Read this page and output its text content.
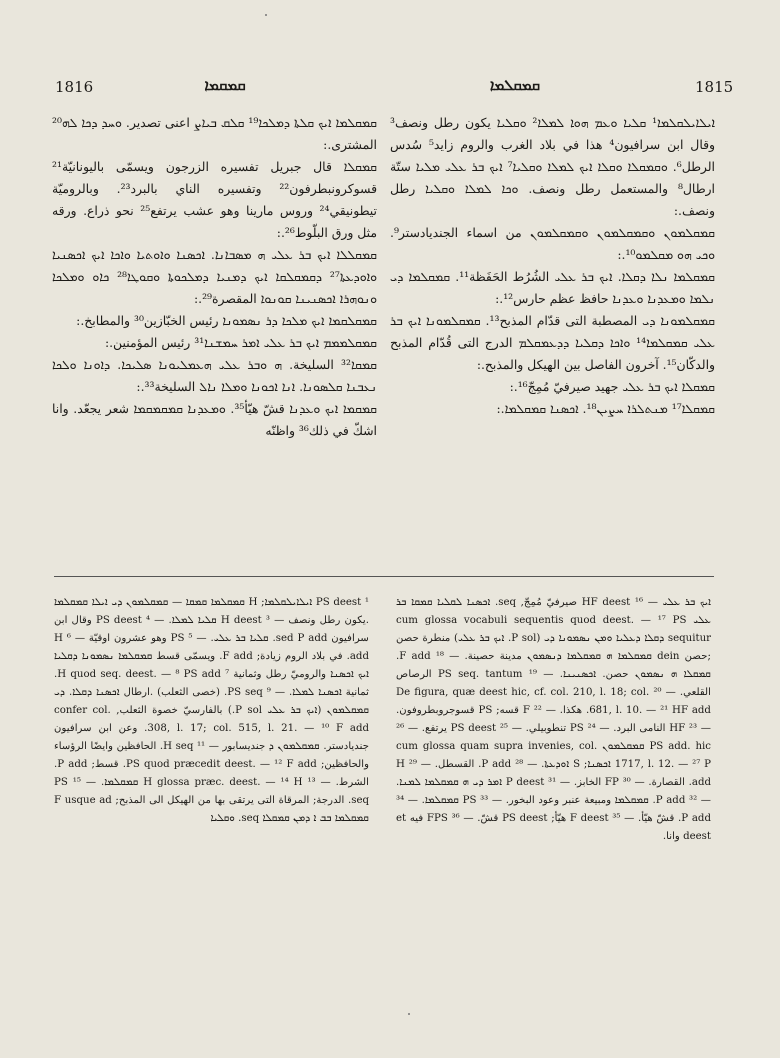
1816	ܩܡܩܡܐ	ܩܡܩܠܡܐ	1815

ܩܡܩܠܡܐ ܐܝܟ ܩܠܬܐ ܕܡܠܟܐ¹⁹ ܩܠܩ ܒܝܐܨ اعنی تصدیر. ܘܚܕ ܕܟܐ ܠܗ²⁰ المشتری.:

ܩܡܩܠܐ قال جبريل تفسيره الزرجون ويسمّى باليونانيّة²¹ قسوكرونبطرفون²² وتفسيره الناي بالبرد²³. وبالروميّة تيطونيقي²⁴ وروس مارينا وهو عشب يرتفع²⁵ نحو ذراع. ورقه مثل ورق البلّوط²⁶.:

ܩܡܩܠܠܐ ܐܝܟ ܒܪ ܥܠܝ ܗ ܡܣܒܐܢܐ. ܐܟܣܢܐ ܘܐܘܬܝܐ ܘܐܟܐ ܐܝܟ ܐܟܣܢܝܐ ܘܐܘܕܥܬܐ²⁷ ܕܩܡܩܠܩܐ ܐܝܟ ܕܡܢܝܐ ܕܡܠܟܘܬܐ ܘܩܘܛܐ²⁸ ܟܐܘ ܘܡܠܟܐ ܘܢܘܗܪܐ ܐܟܣܢܝܢܐ ܩܘܢܘܐ المقصرة²⁹.:

ܩܡܩܠܩܡܐ ܐܝܟ ܡܠܟܐ ܕܪ ܢܣܡܘܢܐ رئيس الخبّازين³⁰ والمطابخ.:

ܩܡܩܠܡܡܡ ܐܝܟ ܒܪ ܥܠܝ ܐܡܪ ܚܡܫܢܐ³¹ رئيس المؤمنين.:

ܩܡܩܐ³² السليخة. ܗ ܘܒܪ ܥܠܝ ܗܥܡܠܝܘܢܐ ܣܠܝܟܐ. ܕܐܘܢܐ ܘܠܟܐ ܢܥܒܢܐ ܩܠܣܘܢܐ. ܐܢܐ ܐܟܘܢܐ ܘܡܠܐ ܢܐܠ السليخة³³.:

ܩܡܩܡܐ ܐܝܟ ܘܥܕܢܐ قشّ هيّأ³⁵. ܘܡܥܕܢܐ ܩܡܩܡܩܡܐ شعر يجعّد. وانا اشكّ في ذلك³⁶ واظنّه

ܐܝܠܐܝܠܩܠܡܐ¹ ܩܠܝܐ ܘܥܡ ܗܘܐ ܠܡܠܐ² ܘܩܠܝܐ يكون رطل ونصف³ وقال ابن سرافيون⁴ هذا في بلاد الغرب والروم زايد⁵ سُدس الرطل⁶. ܘܩܡܩܠܐ ܘܩܠܐ ܐܝܟ ܠܡܠܐ ܘܩܠܝܐ⁷ ܐܝܟ ܒܪ ܥܠܝ ܡܠܝܐ ستّة ارطال⁸ والمستعمل رطل ونصف. ܘܟܐ ܠܡܠܐ ܘܩܠܝܐ رطل ونصف.:

ܩܡܩܠܡܘܢ ܘܩܡܩܠܡܘܢ ܘܩܡܩܠܡܘܢ من اسماء الجنديادستر⁹. ܘܟܝ ܗܘ ܡܩܠܡܘ¹⁰.:

ܩܡܩܠܡܐ ܢܠܐ ܕܩܠܐ. ܐܝܟ ܒܪ ܥܠܝ الشُرُط الحَفَظة¹¹. ܩܡܩܠܡܐ ܕܝ ܢܠܡܐ ܘܡܥܕܢܐ ܘܥܕܢܐ حافظ عظم حارس¹².:

ܩܡܩܠܡܘܢܐ ܕܝ المصطبة التى قدّام المذبح¹³. ܩܡܩܠܡܘܢܐ ܐܝܟ ܒܪ ܥܠܝ ܩܡܩܠܡܐ¹⁴ ܘܐܟܐ ܕܩܠܝܐ ܕܕܥܡܩܠܡ الدرج التى قُدّام المذبح والدكّان¹⁵. آخرون الفاصل بين الهيكل والمذبح.:

ܩܡܩܠܐ ܐܝܟ ܒܪ ܥܠܝ جهيد صيرفيّ مُمِجّ¹⁶.:

ܩܡܩܠܐ¹⁷ ܡܢܬܠܪܐ ܚܨܝܢ¹⁸. ܐܟܣܢܐ ܩܡܩܠܡܐ.:

¹ PS deest ܐܝܠܐܝܠܩܠܡܐ; H ܩܡܩܠܡܐ ܩܡܩܐ — ܩܡܩܠܡܘܢ ܕܝ ܐܝܠܐ ܩܡܩܠܡܐ .يكون رطل ونصف — ³ H deest ܩܠܝܐ ܠܡܠܐ. — ⁴ PS deest وقال ابن سرافيون sed P add. ܩܠܝܐ ܒܪ ܥܠܝ. — ⁵ PS وهو عشرون اوقيّة — ⁶ H add. في بلاد الروم زيادة; F add. ويسمّى قسط ܩܡܩܠܡܐ ܢܣܡܘܢܐ ܕܩܠܝܐ ܐܝܟ ܐܟܣܢܐ والروميّ رطل وثمانية ⁷ H quod seq. deest. — ⁸ PS add. ثمانية ܐܟܣܢܐ ܠܡܠܐ. — ⁹ PS seq. (خصى الثعلب) .ارطال ܐܟܣܢܐ ܕܩܠܐ. ܕܝ ܩܡܩܠܡܘܢ (ܐܝܟ ܒܪ ܥܠܝ P sol.) بالفارسيّ خصوة الثعلب, confer col. 308, l. 17; col. 515, l. 21. — ¹⁰ F add. وعن ابن سرافيون جنديادستر. ܩܡܩܠܡܘܢ ܕ جنديسابور — ¹¹ H seq. الحافظين وايضًا الرؤساء والحافظين; PS quod præcedit deest. — ¹² F add. قسط; P add. الشرط. — ¹³ H glossa præc. deest. — ¹⁴ H ܩܡܩܠܡܐ. — ¹⁵ PS seq. الدرجة; المرقاة التى يرتقى بها من الهيكل الى المذبح; F usque ad ܩܡܩܠܡܐ ܒܒ ܐ ܕܡܢ ܩܡܩܠܐ seq. ܘܩܠܝܐ

ܐܝܟ ܒܪ ܥܠܝ — ¹⁶ HF deest صيرفيّ مُمِجّ, seq. ܐܟܣܢܐ ܠܩܠܝܐ ܩܡܩܐ ܒܪ ܥܠܝ cum glossa vocabuli sequentis quod deest. — ¹⁷ PS sequitur ܕܩܠܐ ܕܥܠܝܐ ܘܡܢ ܢܣܡܘܢܐ ܕܝ (P sol. ܐܝܟ ܒܪ ܥܠܝ) منطرة حصن ;حصن dein ܩܡܩܠܡܐ ܗ ܩܡܩܠܡܐ ܕܢܣܡܘܢ مدينة حصينة. — ¹⁸ F add. ܩܡܩܠܐ ܗ ܢܣܡܘܢ حصن. ܐܟܣܢܝܢܐ. — ¹⁹ PS seq. tantum الرصاص القلعي. — ²⁰ De figura, quæ deest hic, cf. col. 210, l. 18; col. 681, l. 10. — ²¹ HF add. هكذا. — ²² F قسه; PS قسوجروبطروفون. — ²³ HF النامى البرد. — ²⁴ PS تنطوبيلي. — ²⁵ PS deest يرتفع. — ²⁶ PS add. hic ܩܡܩܠܡܘܢ cum glossa quam supra invenies, col. 1717, l. 12. — ²⁷ P ܐܟܣܢܐ; S ܐܘܕܥܬܐ. — ²⁸ P add. القسطل. — ²⁹ H add. القصارة. — ³⁰ FP الخابز. — ³¹ P deest ܐܡܪ ܕܝ ܗ ܩܡܩܠܡܐ ܠܡܢܐ. — ³² P add. ܩܡܩܠܡܐ ومبيعة عنبر وعود البخور. — ³³ PS ܩܡܩܠܡܐ. — ³⁴ P add. قشّ هيّأ. — ³⁵ F deest هيّأ; PS deest قشّ. — ³⁶ FPS فيه et deest وانا.
